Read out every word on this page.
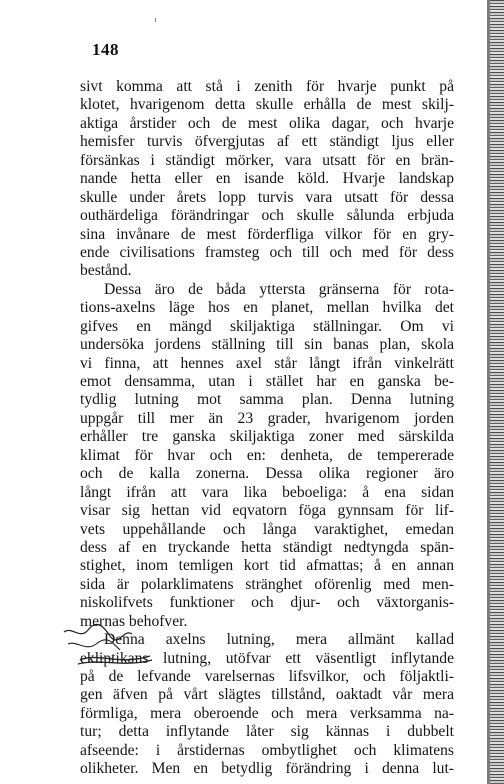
148
sivt komma att stå i zenith för hvarje punkt på
klotet, hvarigenom detta skulle erhålla de mest skilj-
aktiga årstider och de mest olika dagar, och hvarje
hemisfer turvis öfvergjutas af ett ständigt ljus eller
försänkas i ständigt mörker, vara utsatt för en brän-
nande hetta eller en isande köld. Hvarje landskap
skulle under årets lopp turvis vara utsatt för dessa
outhärdeliga förändringar och skulle sålunda erbjuda
sina invånare de mest förderfliga vilkor för en gry-
ende civilisations framsteg och till och med för dess
bestånd.
Dessa äro de båda yttersta gränserna för rota-
tions-axelns läge hos en planet, mellan hvilka det
gifves en mängd skiljaktiga ställningar. Om vi
undersöka jordens ställning till sin banas plan, skola
vi finna, att hennes axel står långt ifrån vinkelrätt
emot densamma, utan i stället har en ganska be-
tydlig lutning mot samma plan. Denna lutning
uppgår till mer än 23 grader, hvarigenom jorden
erhåller tre ganska skiljaktiga zoner med särskilda
klimat för hvar och en: denheta, de tempererade
och de kalla zonerna. Dessa olika regioner äro
långt ifrån att vara lika beboeliga: å ena sidan
visar sig hettan vid eqvatorn föga gynnsam för lif-
vets uppehållande och långa varaktighet, emedan
dess af en tryckande hetta ständigt nedtyngda spän-
stighet, inom temligen kort tid afmattas; å en annan
sida är polarklimatens stränghet oförenlig med men-
niskolifvets funktioner och djur- och växtorganis-
mernas behofver.
Denna axelns lutning, mera allmänt kallad
ekliptikans lutning, utöfvar ett väsentligt inflytande
på de lefvande varelsernas lifsvilkor, och följaktli-
gen äfven på vårt slägtes tillstånd, oaktadt vår mera
förmliga, mera oberoende och mera verksamma na-
tur; detta inflytande låter sig kännas i dubbelt
afseende: i årstidernas ombytlighet och klimatens
olikheter. Men en betydlig förändring i denna lut-
